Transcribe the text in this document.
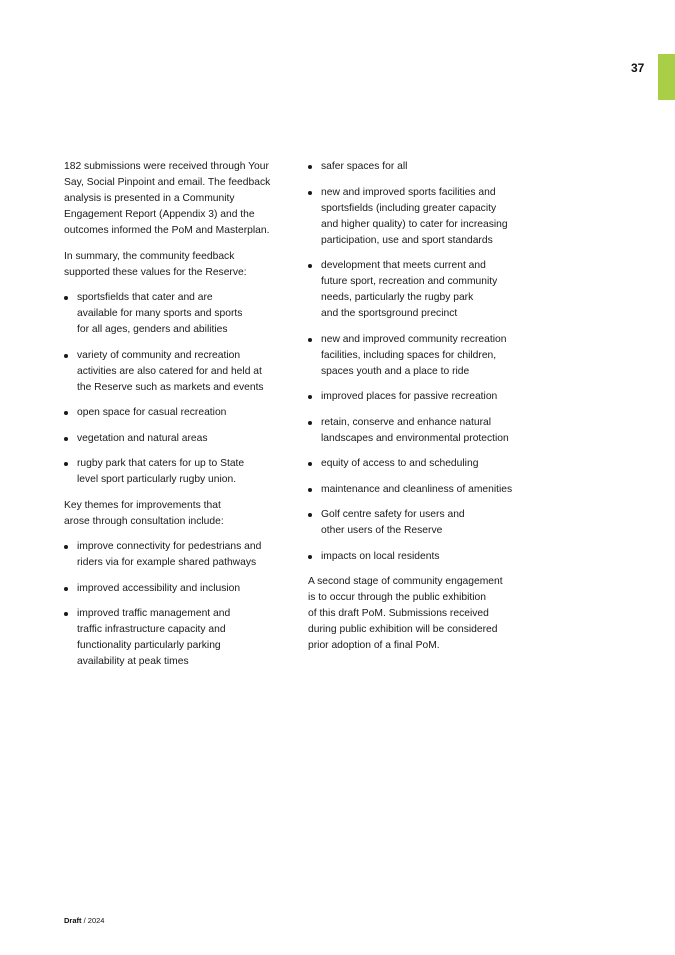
37

182 submissions were received through Your
Say, Social Pinpoint and email. The feedback
analysis is presented in a Community
Engagement Report (Appendix 3) and the
outcomes informed the PoM and Masterplan.

In summary, the community feedback
supported these values for the Reserve:

sportsfields that cater and are
available for many sports and sports
for all ages, genders and abilities
variety of community and recreation
activities are also catered for and held at
the Reserve such as markets and events
open space for casual recreation
vegetation and natural areas
rugby park that caters for up to State
level sport particularly rugby union.

Key themes for improvements that
arose through consultation include:

improve connectivity for pedestrians and
riders via for example shared pathways
improved accessibility and inclusion
improved traffic management and
traffic infrastructure capacity and
functionality particularly parking
availability at peak times
safer spaces for all
new and improved sports facilities and
sportsfields (including greater capacity
and higher quality) to cater for increasing
participation, use and sport standards
development that meets current and
future sport, recreation and community
needs, particularly the rugby park
and the sportsground precinct
new and improved community recreation
facilities, including spaces for children,
spaces youth and a place to ride
improved places for passive recreation
retain, conserve and enhance natural
landscapes and environmental protection
equity of access to and scheduling
maintenance and cleanliness of amenities
Golf centre safety for users and
other users of the Reserve
impacts on local residents

A second stage of community engagement
is to occur through the public exhibition
of this draft PoM. Submissions received
during public exhibition will be considered
prior adoption of a final PoM.

Draft / 2024
